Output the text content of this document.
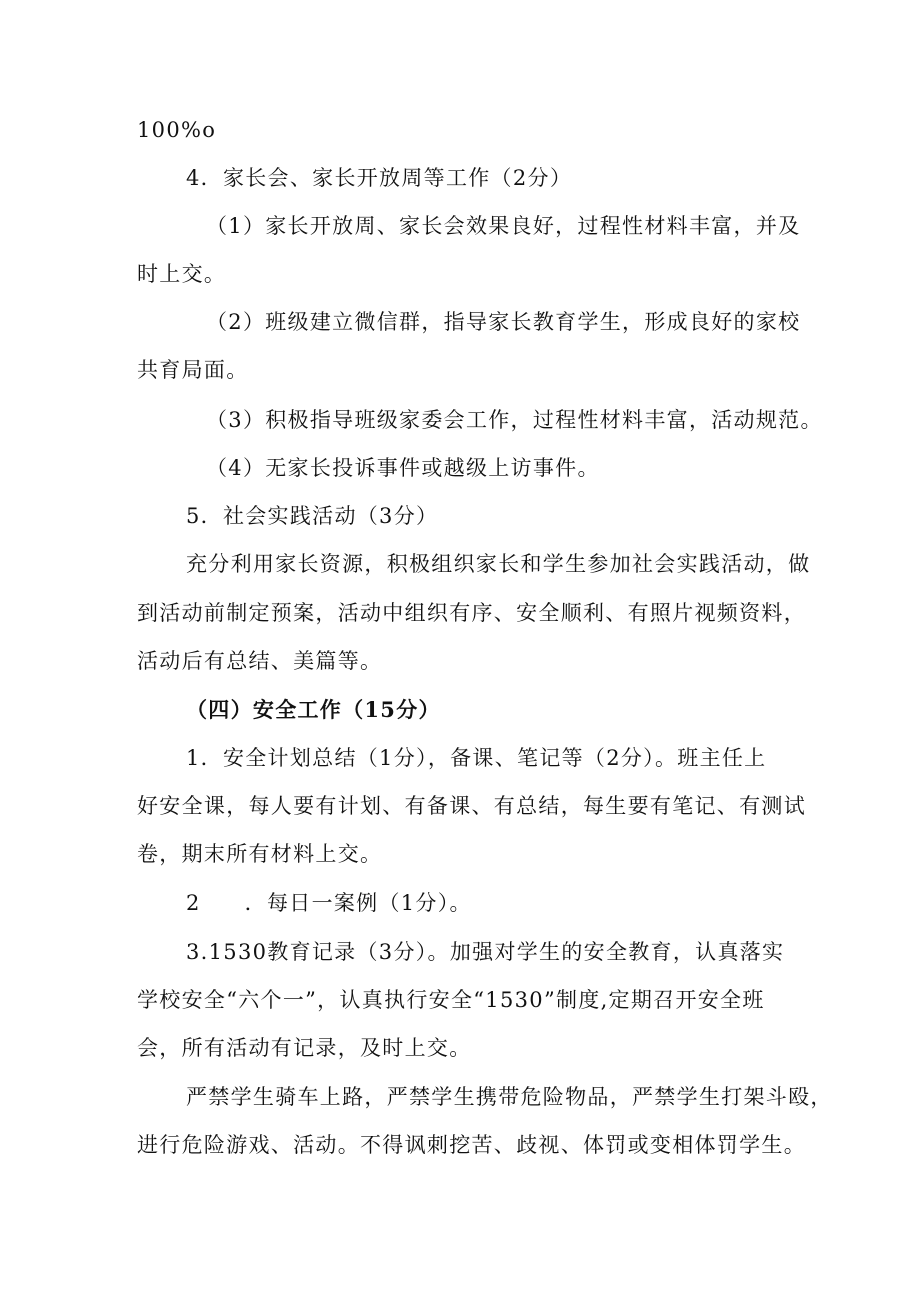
100%o
4．家长会、家长开放周等工作（2分）
（1）家长开放周、家长会效果良好，过程性材料丰富，并及
时上交。
（2）班级建立微信群，指导家长教育学生，形成良好的家校
共育局面。
（3）积极指导班级家委会工作，过程性材料丰富，活动规范。
（4）无家长投诉事件或越级上访事件。
5．社会实践活动（3分）
充分利用家长资源，积极组织家长和学生参加社会实践活动，做
到活动前制定预案，活动中组织有序、安全顺利、有照片视频资料，
活动后有总结、美篇等。
（四）安全工作（15分）
1．安全计划总结（1分），备课、笔记等（2分）。班主任上
好安全课，每人要有计划、有备课、有总结，每生要有笔记、有测试
卷，期末所有材料上交。
2 ．每日一案例（1分）。
3.1530教育记录（3分）。加强对学生的安全教育，认真落实
学校安全“六个一”，认真执行安全“1530”制度,定期召开安全班
会，所有活动有记录，及时上交。
严禁学生骑车上路，严禁学生携带危险物品，严禁学生打架斗殴，
进行危险游戏、活动。不得讽刺挖苦、歧视、体罚或变相体罚学生。
